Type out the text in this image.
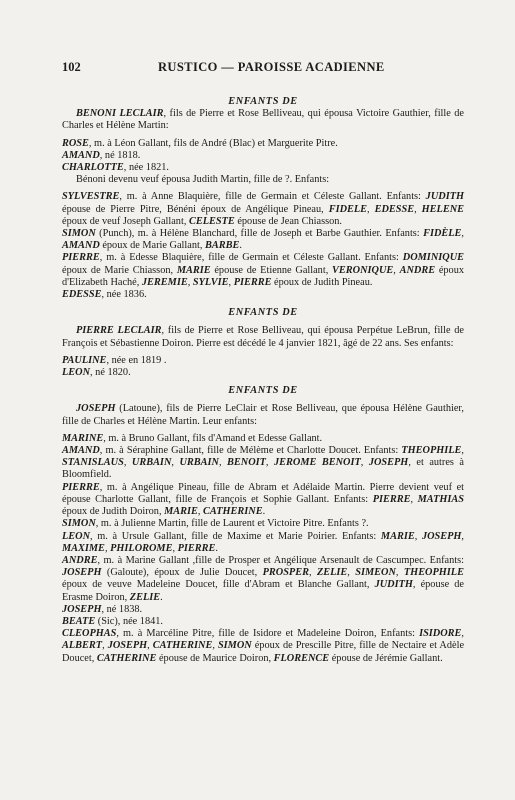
102	RUSTICO — PAROISSE ACADIENNE
ENFANTS DE
BENONI LECLAIR, fils de Pierre et Rose Belliveau, qui épousa Victoire Gauthier, fille de Charles et Hélène Martin:
ROSE, m. à Léon Gallant, fils de André (Blac) et Marguerite Pitre.
AMAND, né 1818.
CHARLOTTE, née 1821.
Bénoni devenu veuf épousa Judith Martin, fille de ?. Enfants:
SYLVESTRE, m. à Anne Blaquière, fille de Germain et Céleste Gallant. Enfants: JUDITH épouse de Pierre Pitre, Bénéni époux de Angélique Pineau, FIDELE, EDESSE, HELENE époux de veuf Joseph Gallant, CELESTE épouse de Jean Chiasson.
SIMON (Punch), m. à Hélène Blanchard, fille de Joseph et Barbe Gauthier. Enfants: FIDÈLE, AMAND époux de Marie Gallant, BARBE.
PIERRE, m. à Edesse Blaquière, fille de Germain et Céleste Gallant. Enfants: DOMINIQUE époux de Marie Chiasson, MARIE épouse de Etienne Gallant, VERONIQUE, ANDRE époux d'Elizabeth Haché, JEREMIE, SYLVIE, PIERRE époux de Judith Pineau.
EDESSE, née 1836.
ENFANTS DE
PIERRE LECLAIR, fils de Pierre et Rose Belliveau, qui épousa Perpétue LeBrun, fille de François et Sébastienne Doiron. Pierre est décédé le 4 janvier 1821, âgé de 22 ans. Ses enfants:
PAULINE, née en 1819 .
LEON, né 1820.
ENFANTS DE
JOSEPH (Latoune), fils de Pierre LeClair et Rose Belliveau, que épousa Hélène Gauthier, fille de Charles et Hélène Martin. Leur enfants:
MARINE, m. à Bruno Gallant, fils d'Amand et Edesse Gallant.
AMAND, m. à Séraphine Gallant, fille de Mélème et Charlotte Doucet. Enfants: THEOPHILE, STANISLAUS, URBAIN, URBAIN, BENOIT, JEROME BENOIT, JOSEPH, et autres à Bloomfield.
PIERRE, m. à Angélique Pineau, fille de Abram et Adélaide Martin. Pierre devient veuf et épouse Charlotte Gallant, fille de François et Sophie Gallant. Enfants: PIERRE, MATHIAS époux de Judith Doiron, MARIE, CATHERINE.
SIMON, m. à Julienne Martin, fille de Laurent et Victoire Pitre. Enfants ?.
LEON, m. à Ursule Gallant, fille de Maxime et Marie Poirier. Enfants: MARIE, JOSEPH, MAXIME, PHILOROME, PIERRE.
ANDRE, m. à Marine Gallant ,fille de Prosper et Angélique Arsenault de Cascumpec. Enfants: JOSEPH (Galoute), époux de Julie Doucet, PROSPER, ZELIE, SIMEON, THEOPHILE époux de veuve Madeleine Doucet, fille d'Abram et Blanche Gallant, JUDITH, épouse de Erasme Doiron, ZELIE.
JOSEPH, né 1838.
BEATE (Sic), née 1841.
CLEOPHAS, m. à Marcéline Pitre, fille de Isidore et Madeleine Doiron, Enfants: ISIDORE, ALBERT, JOSEPH, CATHERINE, SIMON époux de Prescille Pitre, fille de Nectaire et Adèle Doucet, CATHERINE épouse de Maurice Doiron, FLORENCE épouse de Jérémie Gallant.
